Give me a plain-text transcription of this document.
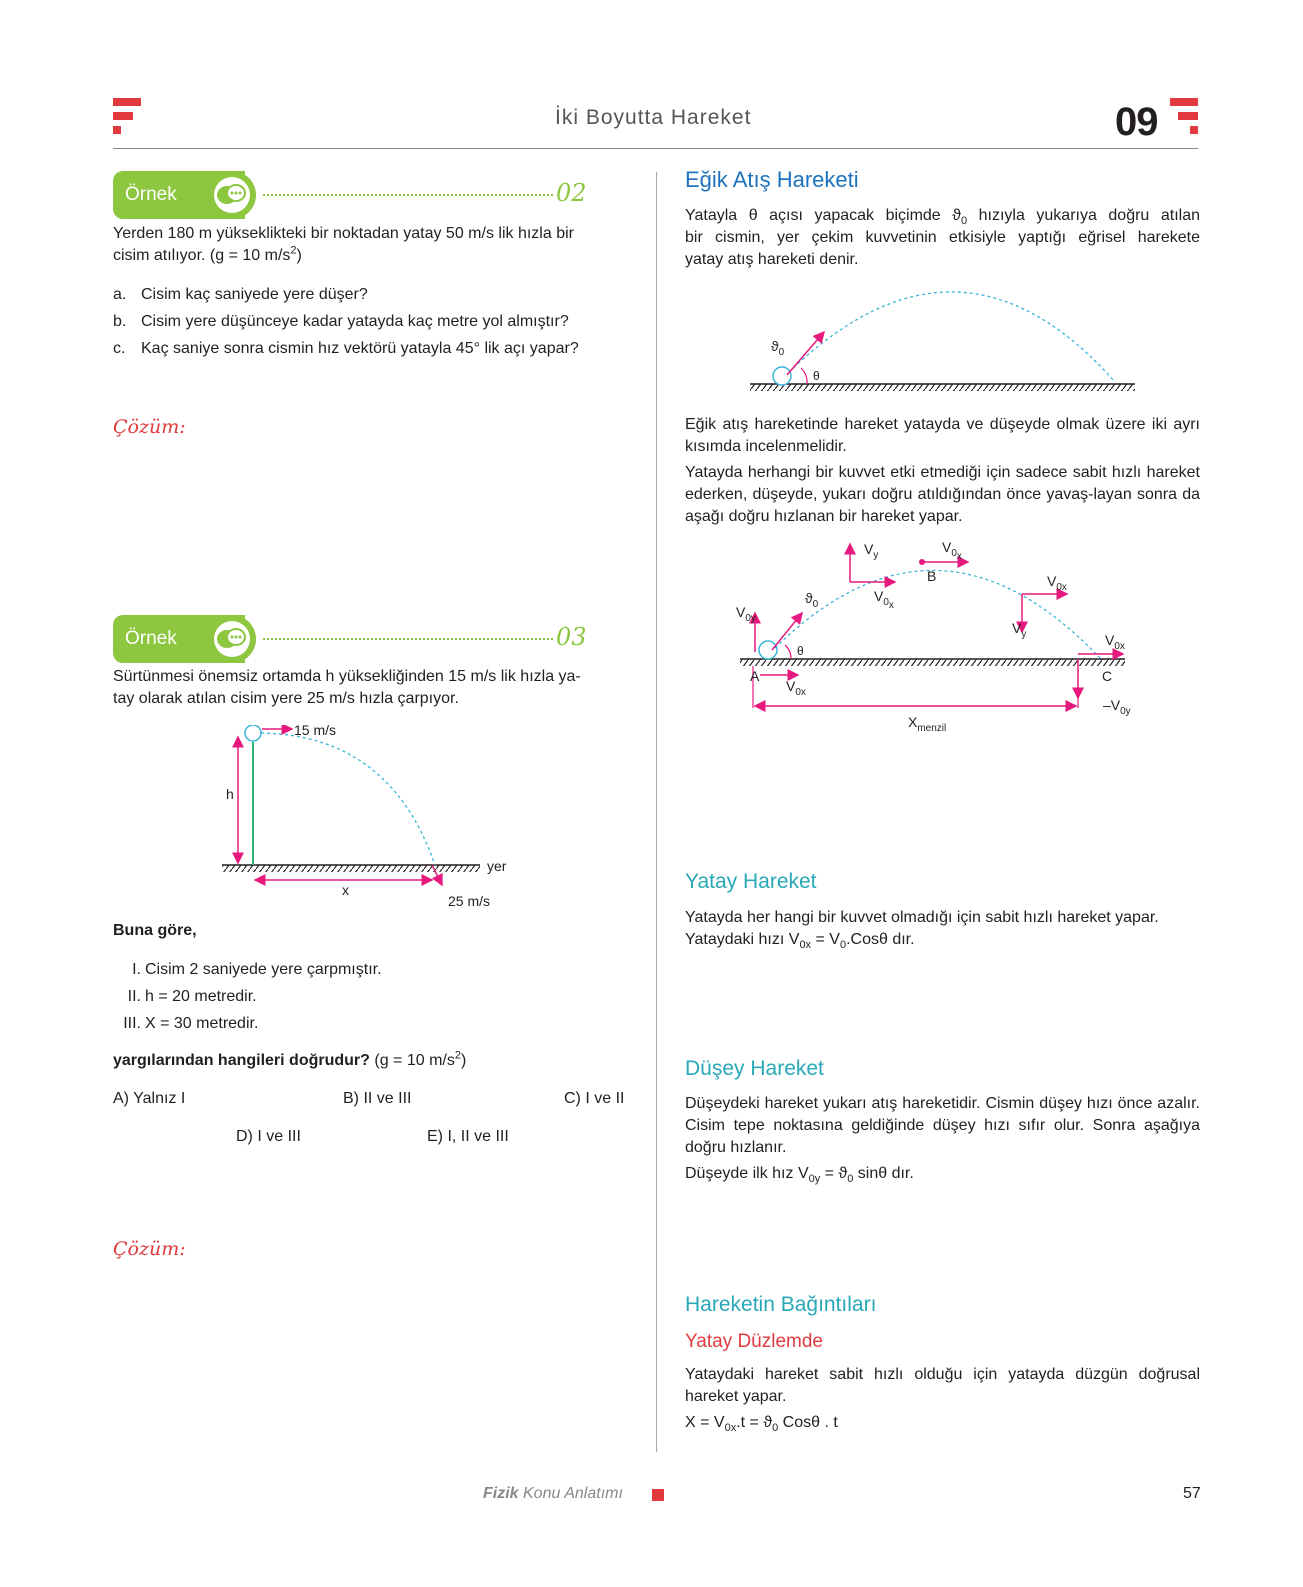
İki Boyutta Hareket	09
Örnek	02
Yerden 180 m yükseklikteki bir noktadan yatay 50 m/s lik hızla bir
cisim atılıyor. (g = 10 $m/s^2$)
a. Cisim kaç saniyede yere düşer?
b. Cisim yere düşünceye kadar yatayda kaç metre yol almıştır?
c. Kaç saniye sonra cismin hız vektörü yatayla 45° lik açı yapar?
Çözüm:
Örnek	03
Sürtünmesi önemsiz ortamda h yüksekliğinden 15 m/s lik hızla ya-
tay olarak atılan cisim yere 25 m/s hızla çarpıyor.
15 m/s
h
yer
x
25 m/s
Buna göre,
I. Cisim 2 saniyede yere çarpmıştır.
II. h = 20 metredir.
III. X = 30 metredir.
yargılarından hangileri doğrudur? (g = 10 $m/s^2$)
A) Yalnız I	B) II ve III	C) I ve II
D) I ve III	E) I, II ve III
Çözüm:
Eğik Atış Hareketi
Yatayla θ açısı yapacak biçimde $ϑ_0$ hızıyla yukarıya doğru atılan
bir cismin, yer çekim kuvvetinin etkisiyle yaptığı eğrisel harekete
yatay atış hareketi denir.
$ϑ_0$
θ
Eğik atış hareketinde hareket yatayda ve düşeyde olmak üzere iki ayrı kısımda incelenmelidir.
Yatayda herhangi bir kuvvet etki etmediği için sadece sabit hızlı hareket ederken, düşeyde, yukarı doğru atıldığından önce yavaş-layan sonra da aşağı doğru hızlanan bir hareket yapar.
$V_y$
$V_{0_x}$
B
$ϑ_0$
$V_{0_x}$
$V_{0x}$
$V_y$
$V_{0y}$
θ
$V_{0x}$
A
$V_{0x}$
C
$-V_{0y}$
$X_{menzil}$
Yatay Hareket
Yatayda her hangi bir kuvvet olmadığı için sabit hızlı hareket yapar.
Yataydaki hızı $V_{0x} = V_0.Cos\theta$ dır.
Düşey Hareket
Düşeydeki hareket yukarı atış hareketidir. Cismin düşey hızı önce azalır. Cisim tepe noktasına geldiğinde düşey hızı sıfır olur. Sonra aşağıya doğru hızlanır.
Düşeyde ilk hız $V_{0y} = ϑ_0$ sinθ dır.
Hareketin Bağıntıları
Yatay Düzlemde
Yataydaki hareket sabit hızlı olduğu için yatayda düzgün doğrusal hareket yapar.
$X = V_{0x}.t = ϑ_0$ Cosθ . t
Fizik Konu Anlatımı	57
